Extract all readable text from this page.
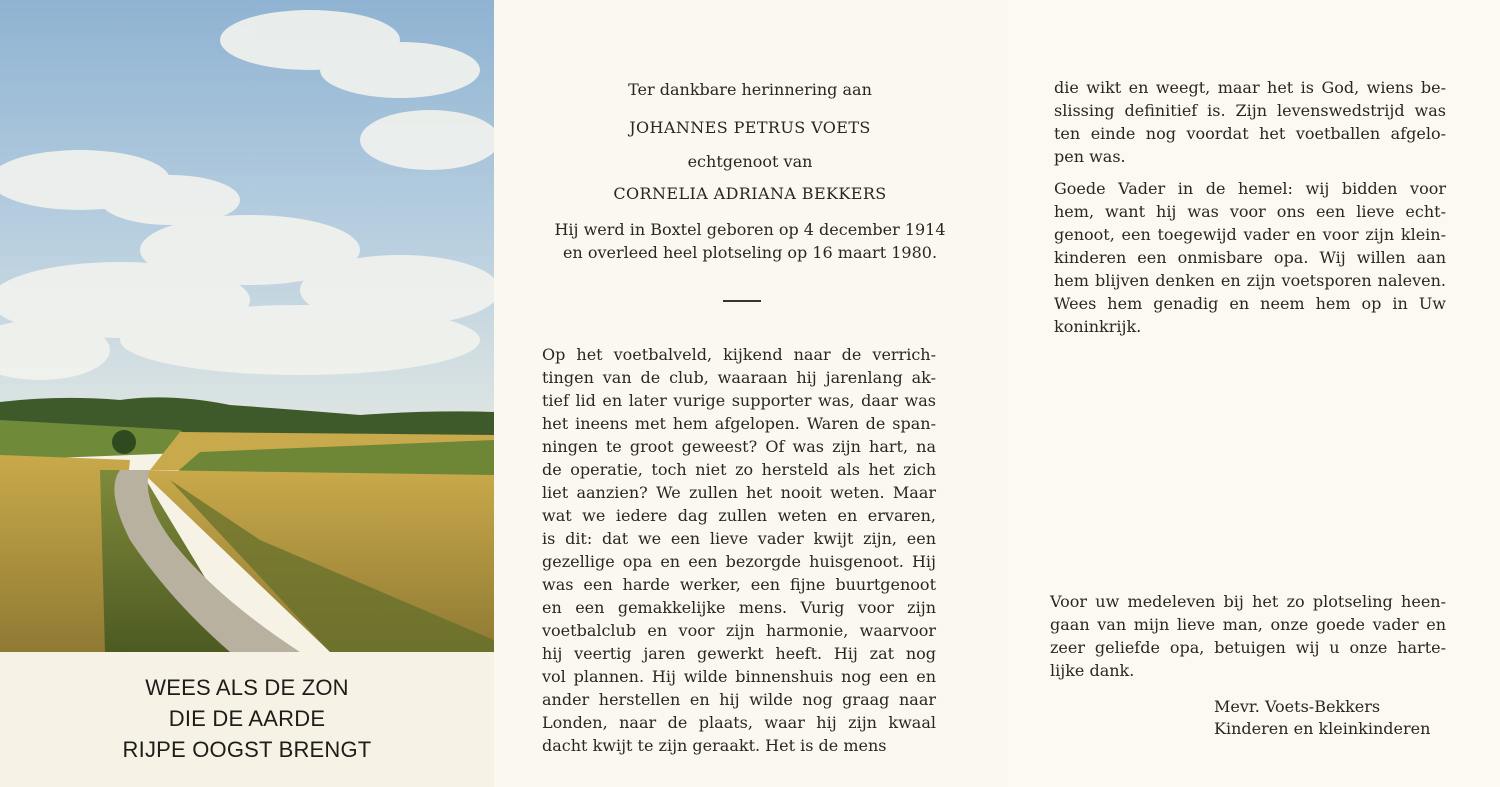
WEES ALS DE ZON
DIE DE AARDE
RIJPE OOGST BRENGT
Ter dankbare herinnering aan
JOHANNES PETRUS VOETS
echtgenoot van
CORNELIA ADRIANA BEKKERS
Hij werd in Boxtel geboren op 4 december 1914
en overleed heel plotseling op 16 maart 1980.
Op het voetbalveld, kijkend naar de verrich-
tingen van de club, waaraan hij jarenlang ak-
tief lid en later vurige supporter was, daar was
het ineens met hem afgelopen. Waren de span-
ningen te groot geweest? Of was zijn hart, na
de operatie, toch niet zo hersteld als het zich
liet aanzien? We zullen het nooit weten. Maar
wat we iedere dag zullen weten en ervaren,
is dit: dat we een lieve vader kwijt zijn, een
gezellige opa en een bezorgde huisgenoot. Hij
was een harde werker, een fijne buurtgenoot
en een gemakkelijke mens. Vurig voor zijn
voetbalclub en voor zijn harmonie, waarvoor
hij veertig jaren gewerkt heeft. Hij zat nog
vol plannen. Hij wilde binnenshuis nog een en
ander herstellen en hij wilde nog graag naar
Londen, naar de plaats, waar hij zijn kwaal
dacht kwijt te zijn geraakt. Het is de mens
die wikt en weegt, maar het is God, wiens be-
slissing definitief is. Zijn levenswedstrijd was
ten einde nog voordat het voetballen afgelo-
pen was.
Goede Vader in de hemel: wij bidden voor
hem, want hij was voor ons een lieve echt-
genoot, een toegewijd vader en voor zijn klein-
kinderen een onmisbare opa. Wij willen aan
hem blijven denken en zijn voetsporen naleven.
Wees hem genadig en neem hem op in Uw
koninkrijk.
Voor uw medeleven bij het zo plotseling heen-
gaan van mijn lieve man, onze goede vader en
zeer geliefde opa, betuigen wij u onze harte-
lijke dank.
Mevr. Voets-Bekkers
Kinderen en kleinkinderen
